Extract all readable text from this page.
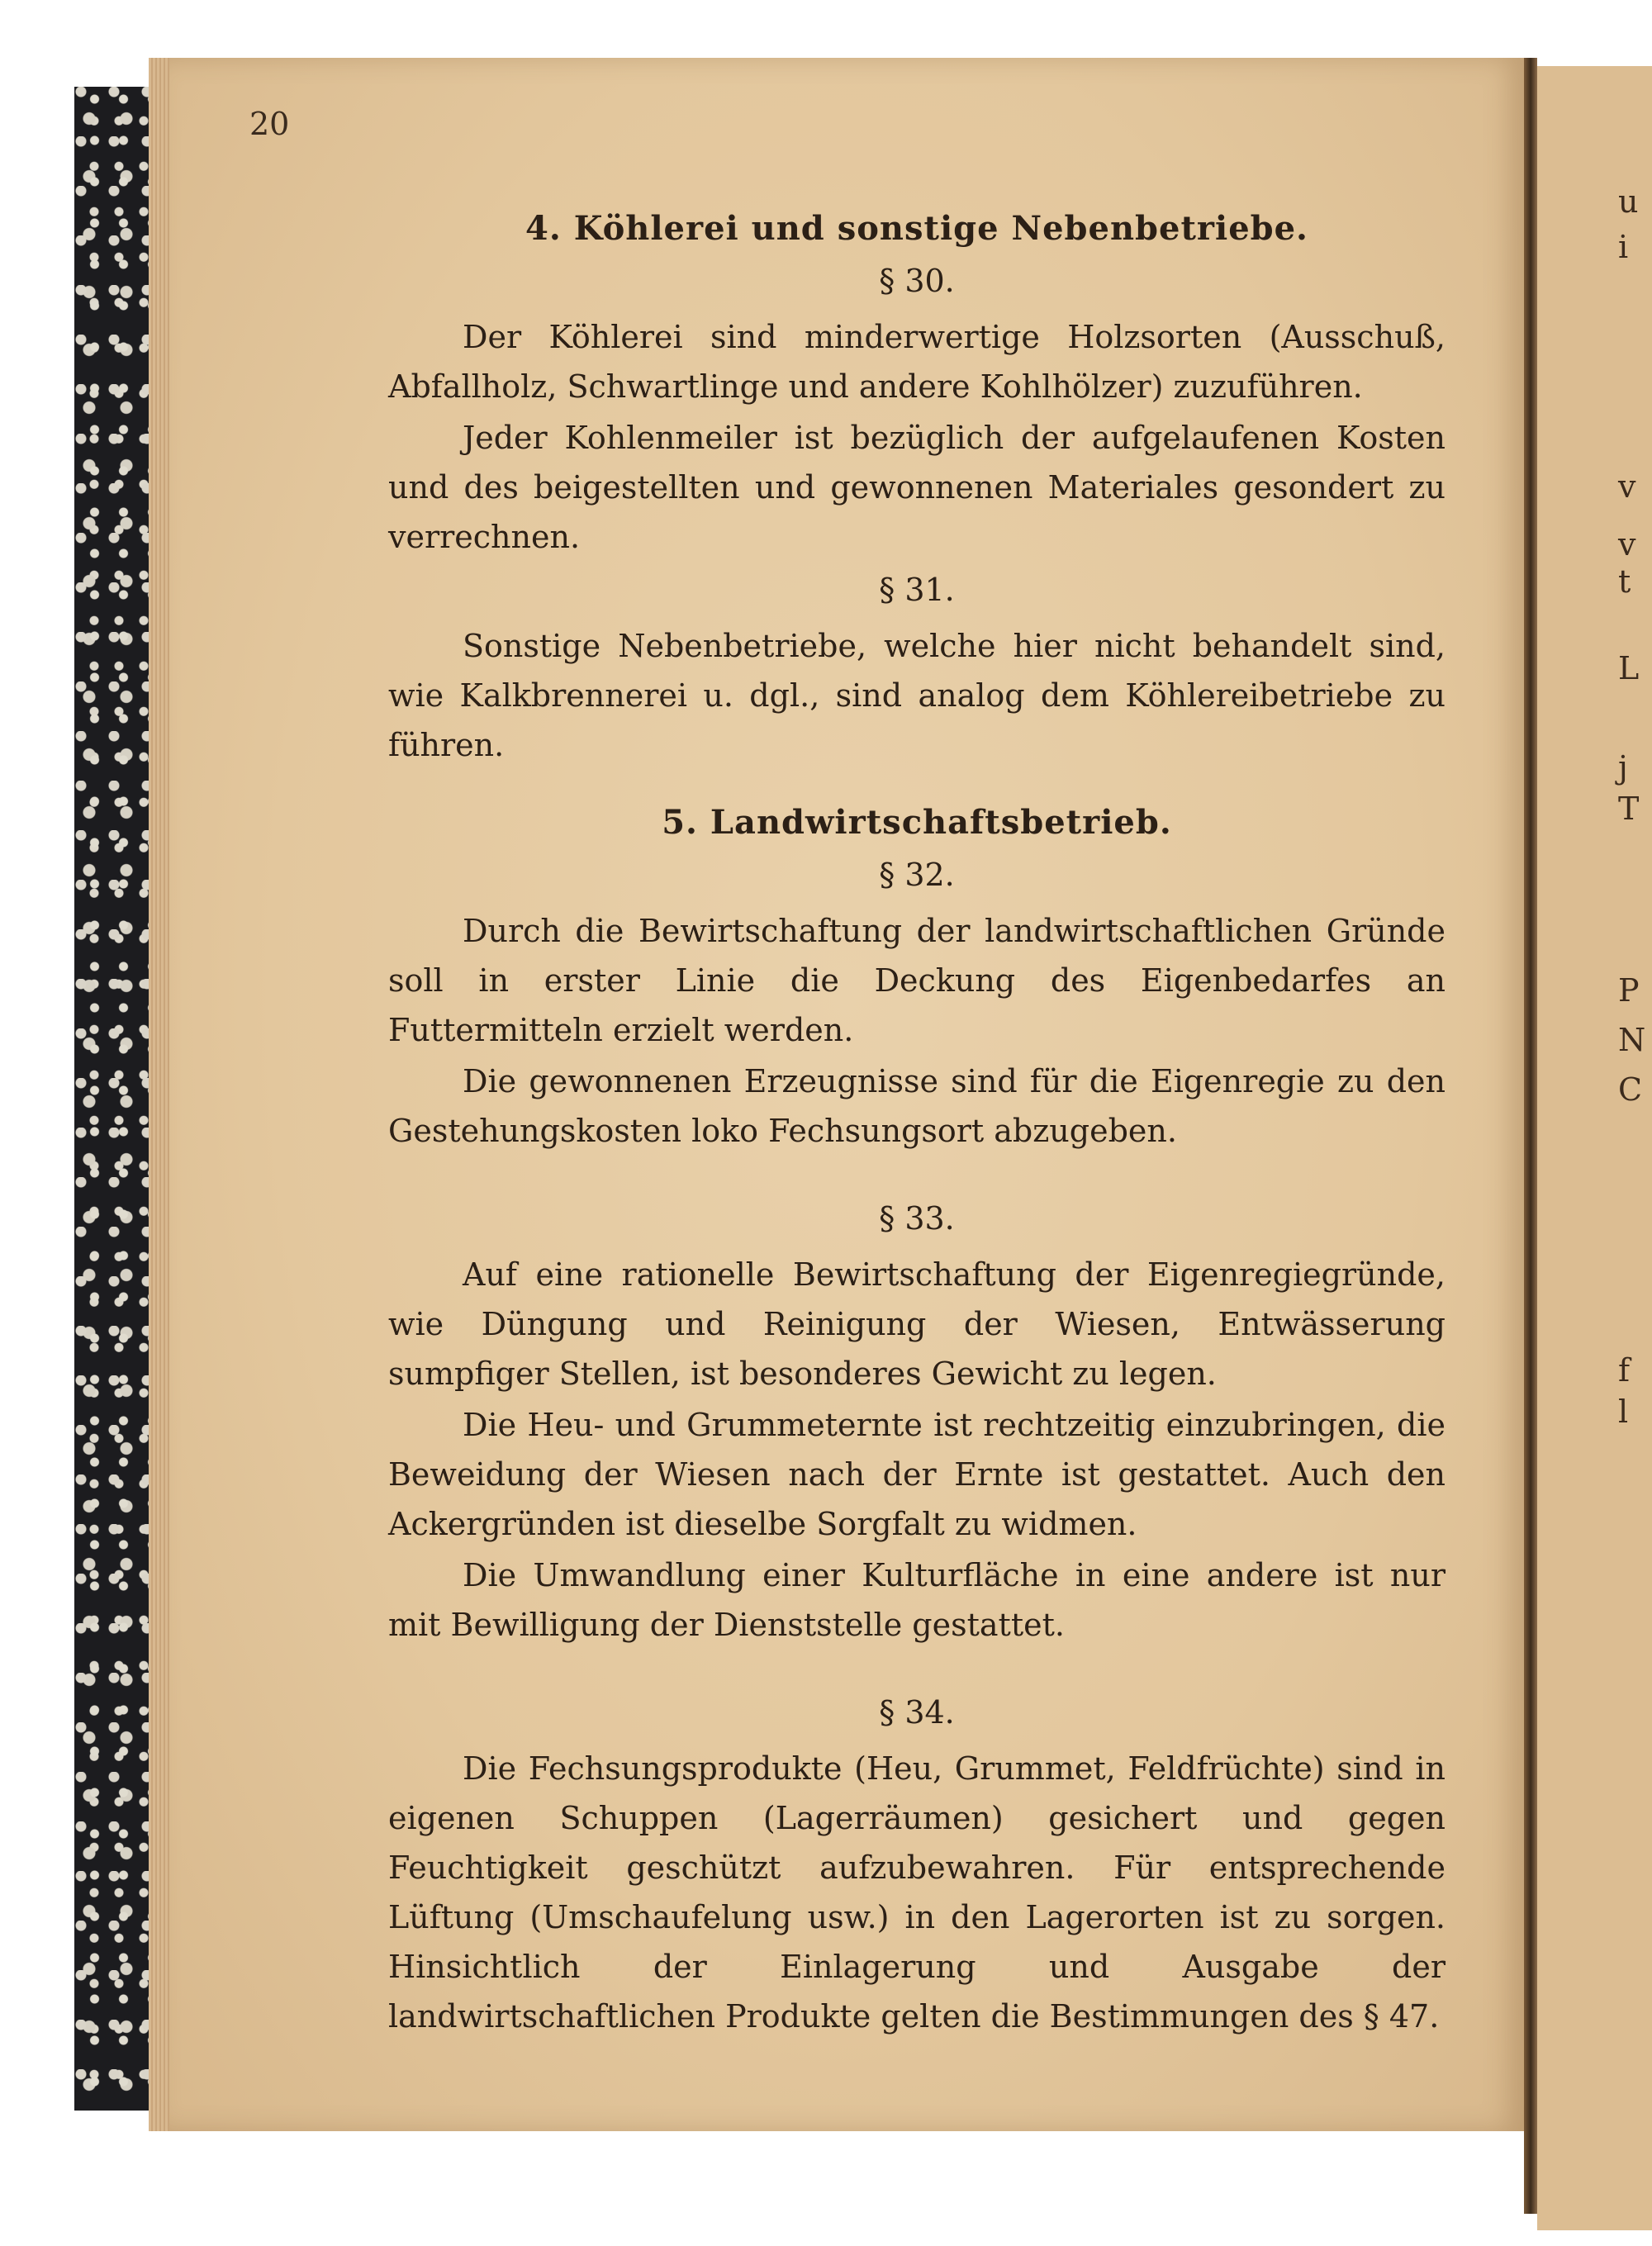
u
i
v
v
t
L
j
T
P
N
C
f
l
20
4. Köhlerei und sonstige Nebenbetriebe.
§ 30.

Der Köhlerei sind minderwertige Holzsorten (Ausschuß, Abfallholz, Schwartlinge und andere Kohlhölzer) zuzuführen.

Jeder Kohlenmeiler ist bezüglich der aufgelaufenen Kosten und des beigestellten und gewonnenen Materiales gesondert zu verrechnen.

§ 31.

Sonstige Nebenbetriebe, welche hier nicht behandelt sind, wie Kalkbrennerei u. dgl., sind analog dem Köhlereibetriebe zu führen.

5. Landwirtschaftsbetrieb.
§ 32.

Durch die Bewirtschaftung der landwirtschaftlichen Gründe soll in erster Linie die Deckung des Eigenbedarfes an Futtermitteln erzielt werden.

Die gewonnenen Erzeugnisse sind für die Eigenregie zu den Gestehungskosten loko Fechsungsort abzugeben.

§ 33.

Auf eine rationelle Bewirtschaftung der Eigenregiegründe, wie Düngung und Reinigung der Wiesen, Entwässerung sumpfiger Stellen, ist besonderes Gewicht zu legen.

Die Heu- und Grummeternte ist rechtzeitig einzubringen, die Beweidung der Wiesen nach der Ernte ist gestattet. Auch den Ackergründen ist dieselbe Sorgfalt zu widmen.

Die Umwandlung einer Kulturfläche in eine andere ist nur mit Bewilligung der Dienststelle gestattet.

§ 34.

Die Fechsungsprodukte (Heu, Grummet, Feldfrüchte) sind in eigenen Schuppen (Lagerräumen) gesichert und gegen Feuchtigkeit geschützt aufzubewahren. Für entsprechende Lüftung (Umschaufelung usw.) in den Lagerorten ist zu sorgen. Hinsichtlich der Einlagerung und Ausgabe der landwirtschaftlichen Produkte gelten die Bestimmungen des § 47.
